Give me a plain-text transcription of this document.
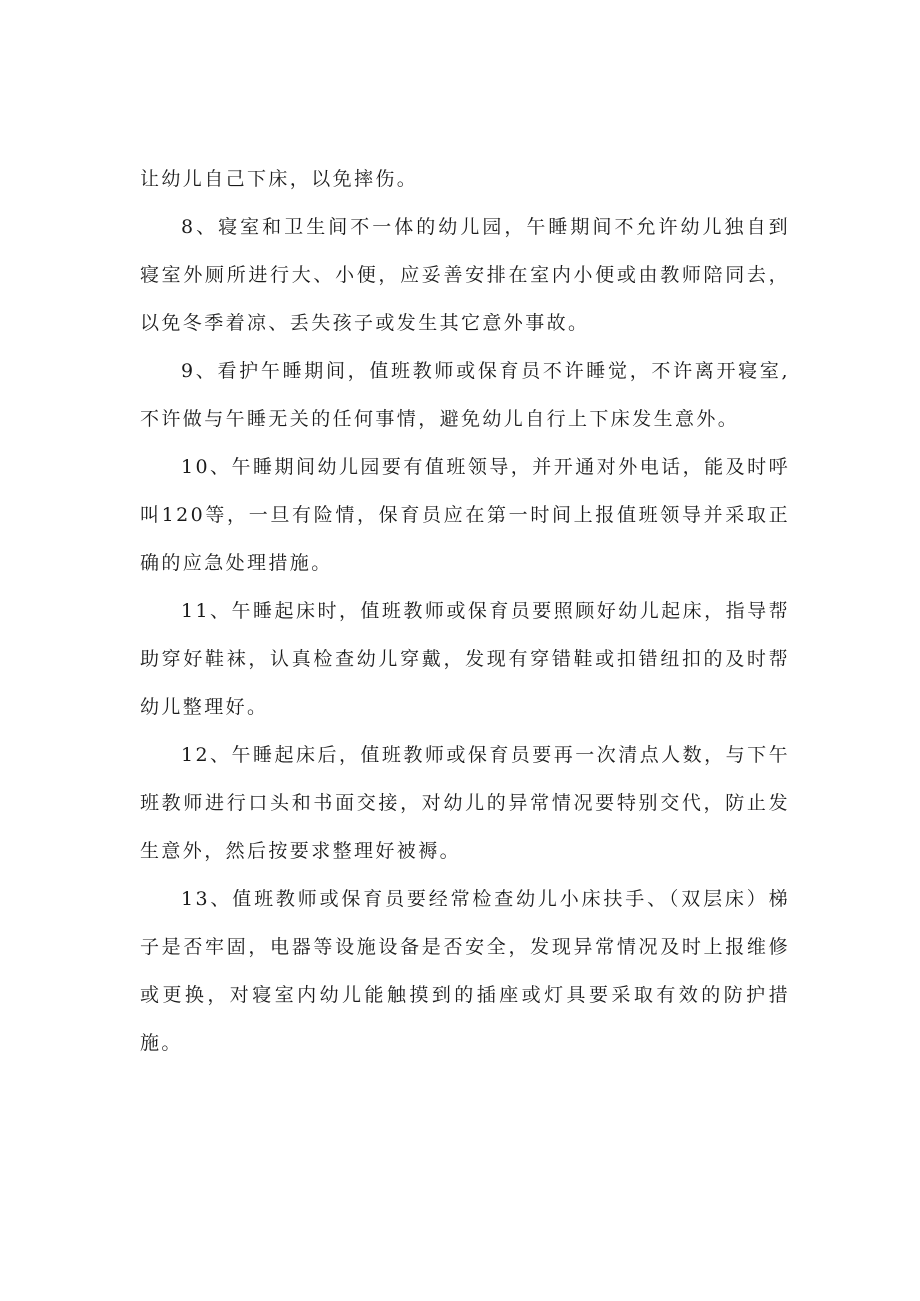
让幼儿自己下床，以免摔伤。

8、寝室和卫生间不一体的幼儿园，午睡期间不允许幼儿独自到寝室外厕所进行大、小便，应妥善安排在室内小便或由教师陪同去，以免冬季着凉、丢失孩子或发生其它意外事故。

9、看护午睡期间，值班教师或保育员不许睡觉，不许离开寝室,不许做与午睡无关的任何事情，避免幼儿自行上下床发生意外。

10、午睡期间幼儿园要有值班领导，并开通对外电话，能及时呼叫120等，一旦有险情，保育员应在第一时间上报值班领导并采取正确的应急处理措施。

11、午睡起床时，值班教师或保育员要照顾好幼儿起床，指导帮助穿好鞋袜，认真检查幼儿穿戴，发现有穿错鞋或扣错纽扣的及时帮幼儿整理好。

12、午睡起床后，值班教师或保育员要再一次清点人数，与下午班教师进行口头和书面交接，对幼儿的异常情况要特别交代，防止发生意外，然后按要求整理好被褥。

13、值班教师或保育员要经常检查幼儿小床扶手、（双层床）梯子是否牢固，电器等设施设备是否安全，发现异常情况及时上报维修或更换，对寝室内幼儿能触摸到的插座或灯具要采取有效的防护措施。
